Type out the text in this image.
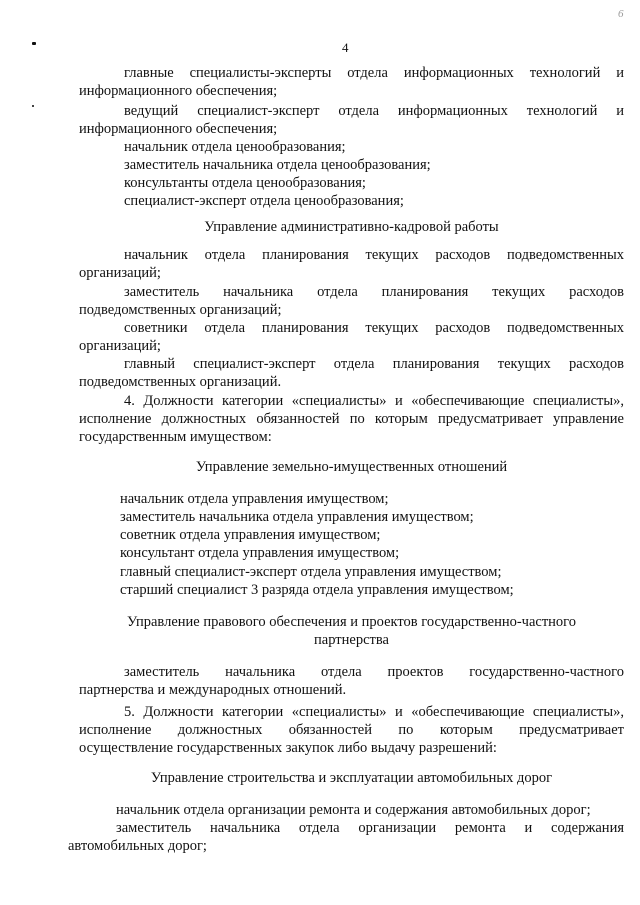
6
4
главные специалисты-эксперты отдела информационных технологий и
информационного обеспечения;
ведущий специалист-эксперт отдела информационных технологий и
информационного обеспечения;
начальник отдела ценообразования;
заместитель начальника отдела ценообразования;
консультанты отдела ценообразования;
специалист-эксперт отдела ценообразования;
Управление административно-кадровой работы
начальник отдела планирования текущих расходов подведомственных
организаций;
заместитель начальника отдела планирования текущих расходов
подведомственных организаций;
советники отдела планирования текущих расходов подведомственных
организаций;
главный специалист-эксперт отдела планирования текущих расходов
подведомственных организаций.
4. Должности категории «специалисты» и «обеспечивающие специалисты»,
исполнение должностных обязанностей по которым предусматривает управление
государственным имуществом:
Управление земельно-имущественных отношений
начальник отдела управления имуществом;
заместитель начальника отдела управления имуществом;
советник отдела управления имуществом;
консультант отдела управления имуществом;
главный специалист-эксперт отдела управления имуществом;
старший специалист 3 разряда отдела управления имуществом;
Управление правового обеспечения и проектов государственно-частного
партнерства
заместитель начальника отдела проектов государственно-частного
партнерства и международных отношений.
5. Должности категории «специалисты» и «обеспечивающие специалисты»,
исполнение должностных обязанностей по которым предусматривает
осуществление государственных закупок либо выдачу разрешений:
Управление строительства и эксплуатации автомобильных дорог
начальник отдела организации ремонта и содержания автомобильных дорог;
заместитель начальника отдела организации ремонта и содержания
автомобильных дорог;
